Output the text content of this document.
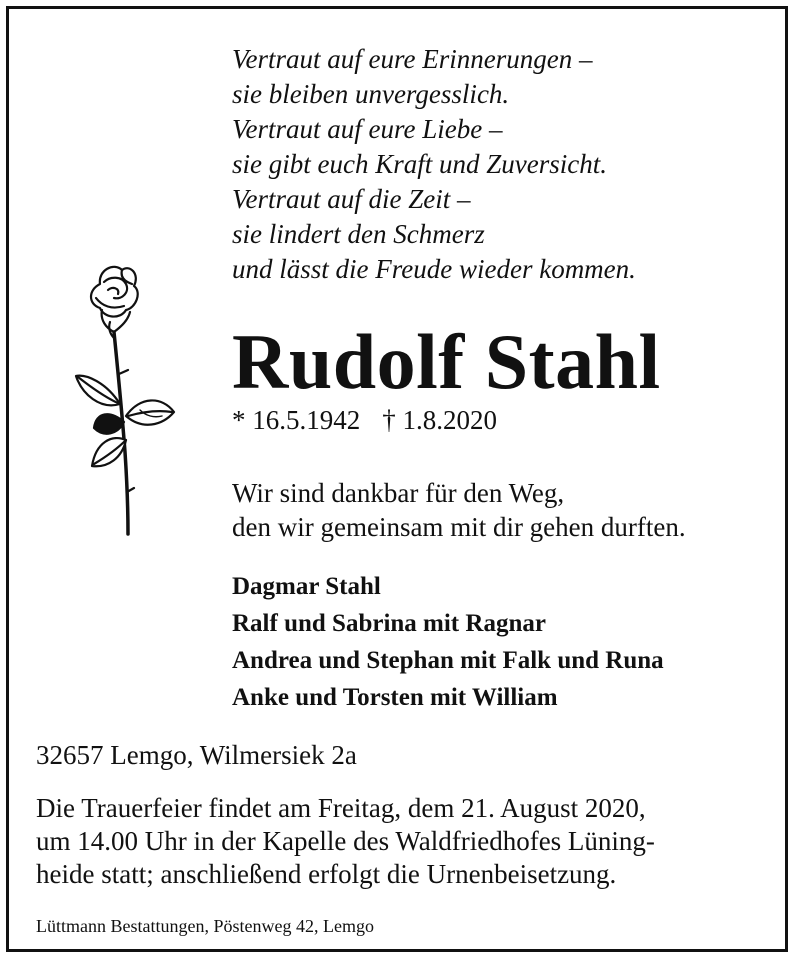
Vertraut auf eure Erinnerungen –
sie bleiben unvergesslich.
Vertraut auf eure Liebe –
sie gibt euch Kraft und Zuversicht.
Vertraut auf die Zeit –
sie lindert den Schmerz
und lässt die Freude wieder kommen.
Rudolf Stahl
* 16.5.1942 † 1.8.2020
Wir sind dankbar für den Weg,
den wir gemeinsam mit dir gehen durften.
Dagmar Stahl
Ralf und Sabrina mit Ragnar
Andrea und Stephan mit Falk und Runa
Anke und Torsten mit William
32657 Lemgo, Wilmersiek 2a
Die Trauerfeier findet am Freitag, dem 21. August 2020,
um 14.00 Uhr in der Kapelle des Waldfriedhofes Lüning-
heide statt; anschließend erfolgt die Urnenbeisetzung.
Lüttmann Bestattungen, Pöstenweg 42, Lemgo
